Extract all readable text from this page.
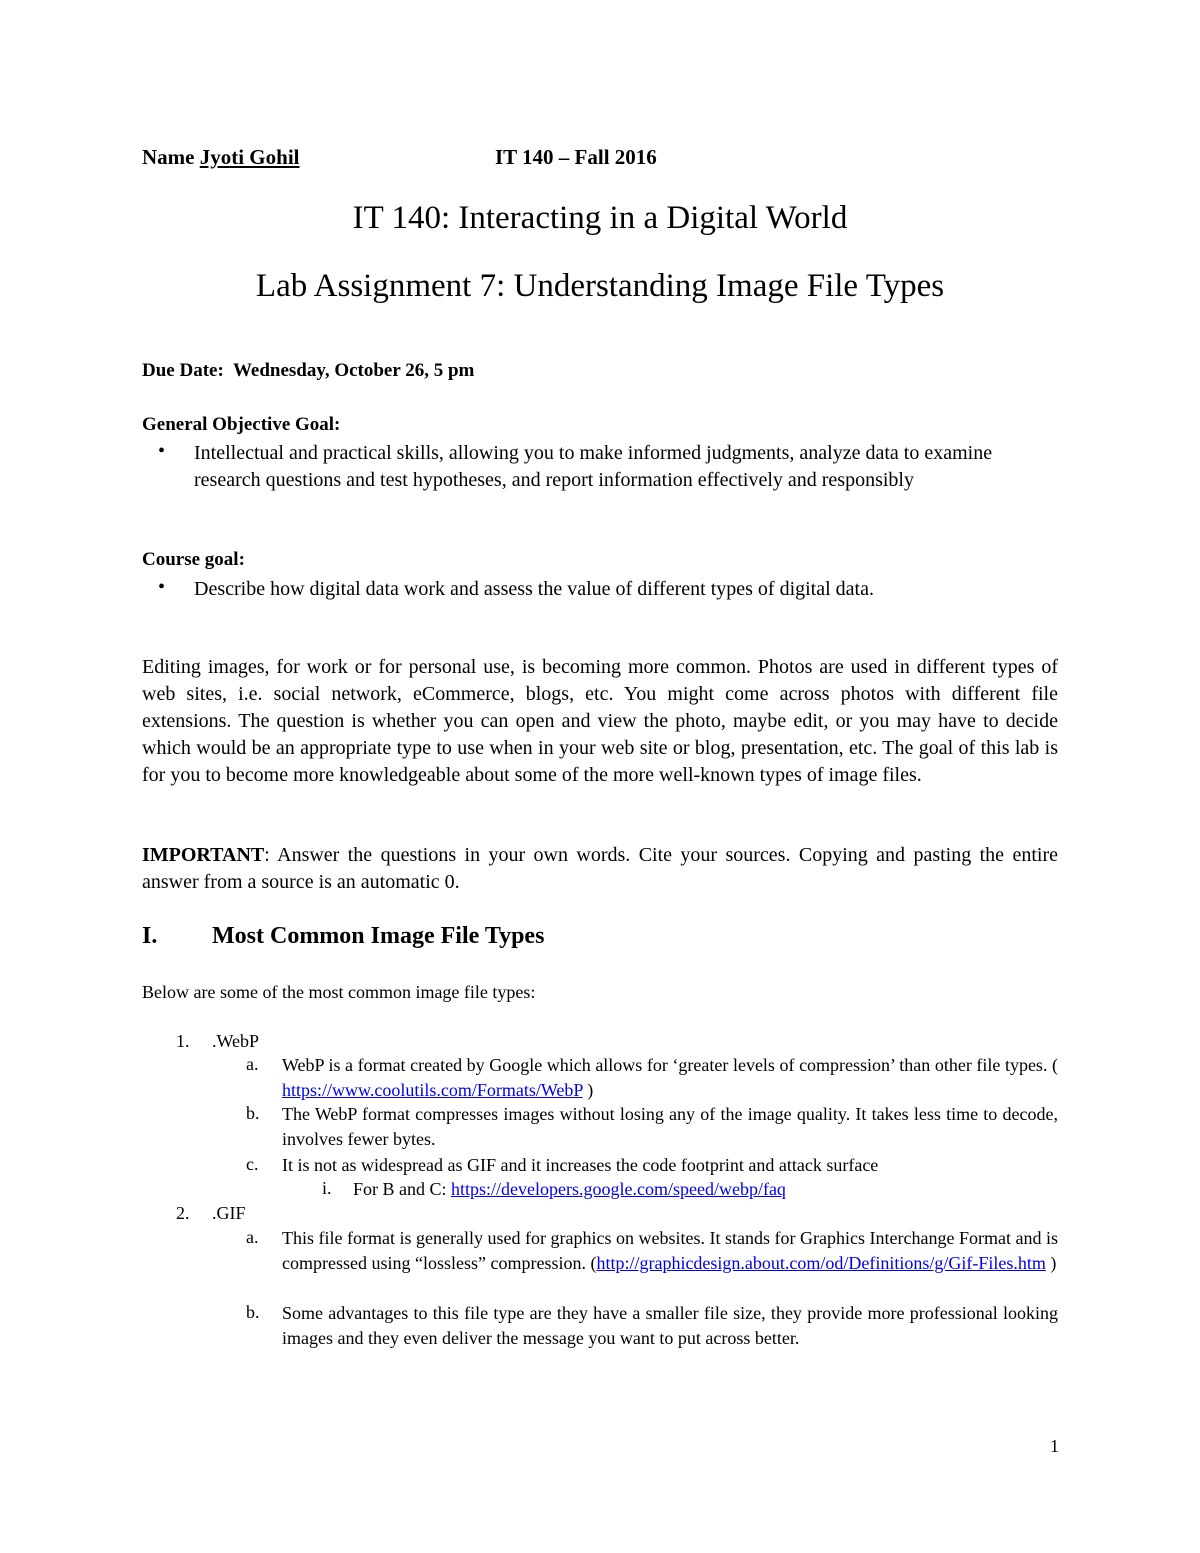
Name Jyoti Gohil	IT 140 – Fall 2016
IT 140: Interacting in a Digital World
Lab Assignment 7: Understanding Image File Types
Due Date: Wednesday, October 26, 5 pm
General Objective Goal:
• Intellectual and practical skills, allowing you to make informed judgments, analyze data to examine research questions and test hypotheses, and report information effectively and responsibly
Course goal:
• Describe how digital data work and assess the value of different types of digital data.
Editing images, for work or for personal use, is becoming more common. Photos are used in different types of web sites, i.e. social network, eCommerce, blogs, etc. You might come across photos with different file extensions. The question is whether you can open and view the photo, maybe edit, or you may have to decide which would be an appropriate type to use when in your web site or blog, presentation, etc. The goal of this lab is for you to become more knowledgeable about some of the more well-known types of image files.
IMPORTANT: Answer the questions in your own words. Cite your sources. Copying and pasting the entire answer from a source is an automatic 0.
I. Most Common Image File Types
Below are some of the most common image file types:
1. .WebP
a. WebP is a format created by Google which allows for ‘greater levels of compression’ than other file types. ( https://www.coolutils.com/Formats/WebP )
b. The WebP format compresses images without losing any of the image quality. It takes less time to decode, involves fewer bytes.
c. It is not as widespread as GIF and it increases the code footprint and attack surface
i. For B and C: https://developers.google.com/speed/webp/faq
2. .GIF
a. This file format is generally used for graphics on websites. It stands for Graphics Interchange Format and is compressed using “lossless” compression. (http://graphicdesign.about.com/od/Definitions/g/Gif-Files.htm )
b. Some advantages to this file type are they have a smaller file size, they provide more professional looking images and they even deliver the message you want to put across better.
1
